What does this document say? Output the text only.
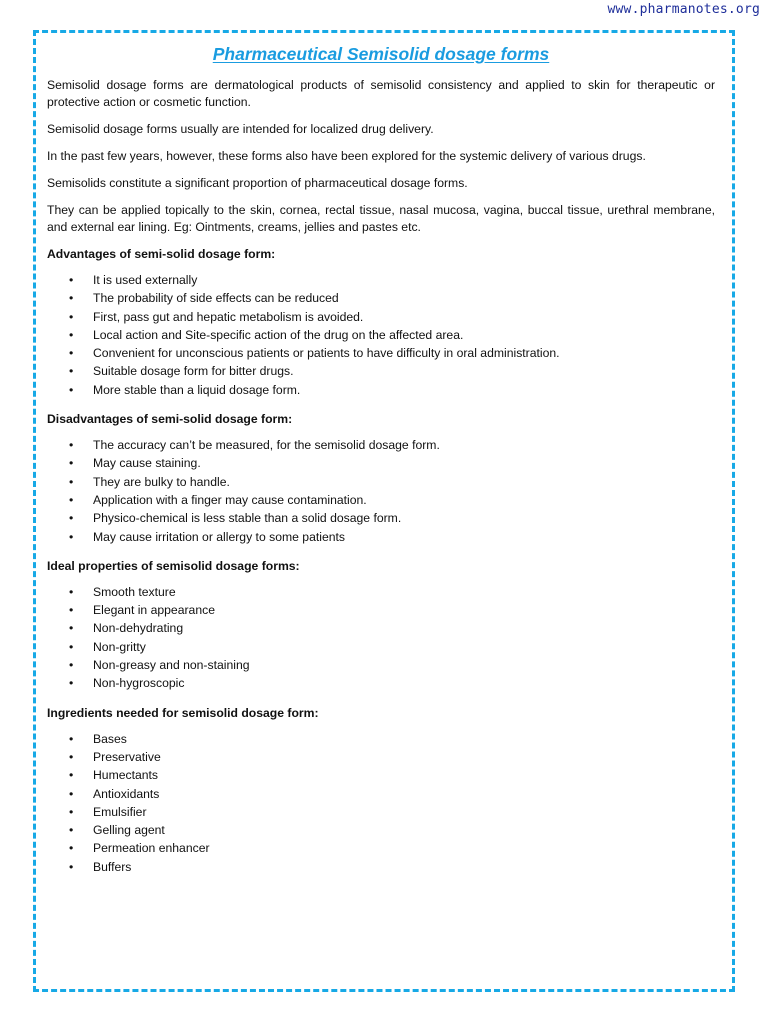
www.pharmanotes.org
Pharmaceutical Semisolid dosage forms

Semisolid dosage forms are dermatological products of semisolid consistency and applied to skin for therapeutic or protective action or cosmetic function.

Semisolid dosage forms usually are intended for localized drug delivery.

In the past few years, however, these forms also have been explored for the systemic delivery of various drugs.

Semisolids constitute a significant proportion of pharmaceutical dosage forms.

They can be applied topically to the skin, cornea, rectal tissue, nasal mucosa, vagina, buccal tissue, urethral membrane, and external ear lining. Eg: Ointments, creams, jellies and pastes etc.

Advantages of semi-solid dosage form:
• It is used externally
• The probability of side effects can be reduced
• First, pass gut and hepatic metabolism is avoided.
• Local action and Site-specific action of the drug on the affected area.
• Convenient for unconscious patients or patients to have difficulty in oral administration.
• Suitable dosage form for bitter drugs.
• More stable than a liquid dosage form.
Disadvantages of semi-solid dosage form:
• The accuracy can’t be measured, for the semisolid dosage form.
• May cause staining.
• They are bulky to handle.
• Application with a finger may cause contamination.
• Physico-chemical is less stable than a solid dosage form.
• May cause irritation or allergy to some patients
Ideal properties of semisolid dosage forms:
• Smooth texture
• Elegant in appearance
• Non-dehydrating
• Non-gritty
• Non-greasy and non-staining
• Non-hygroscopic
Ingredients needed for semisolid dosage form:
• Bases
• Preservative
• Humectants
• Antioxidants
• Emulsifier
• Gelling agent
• Permeation enhancer
• Buffers
